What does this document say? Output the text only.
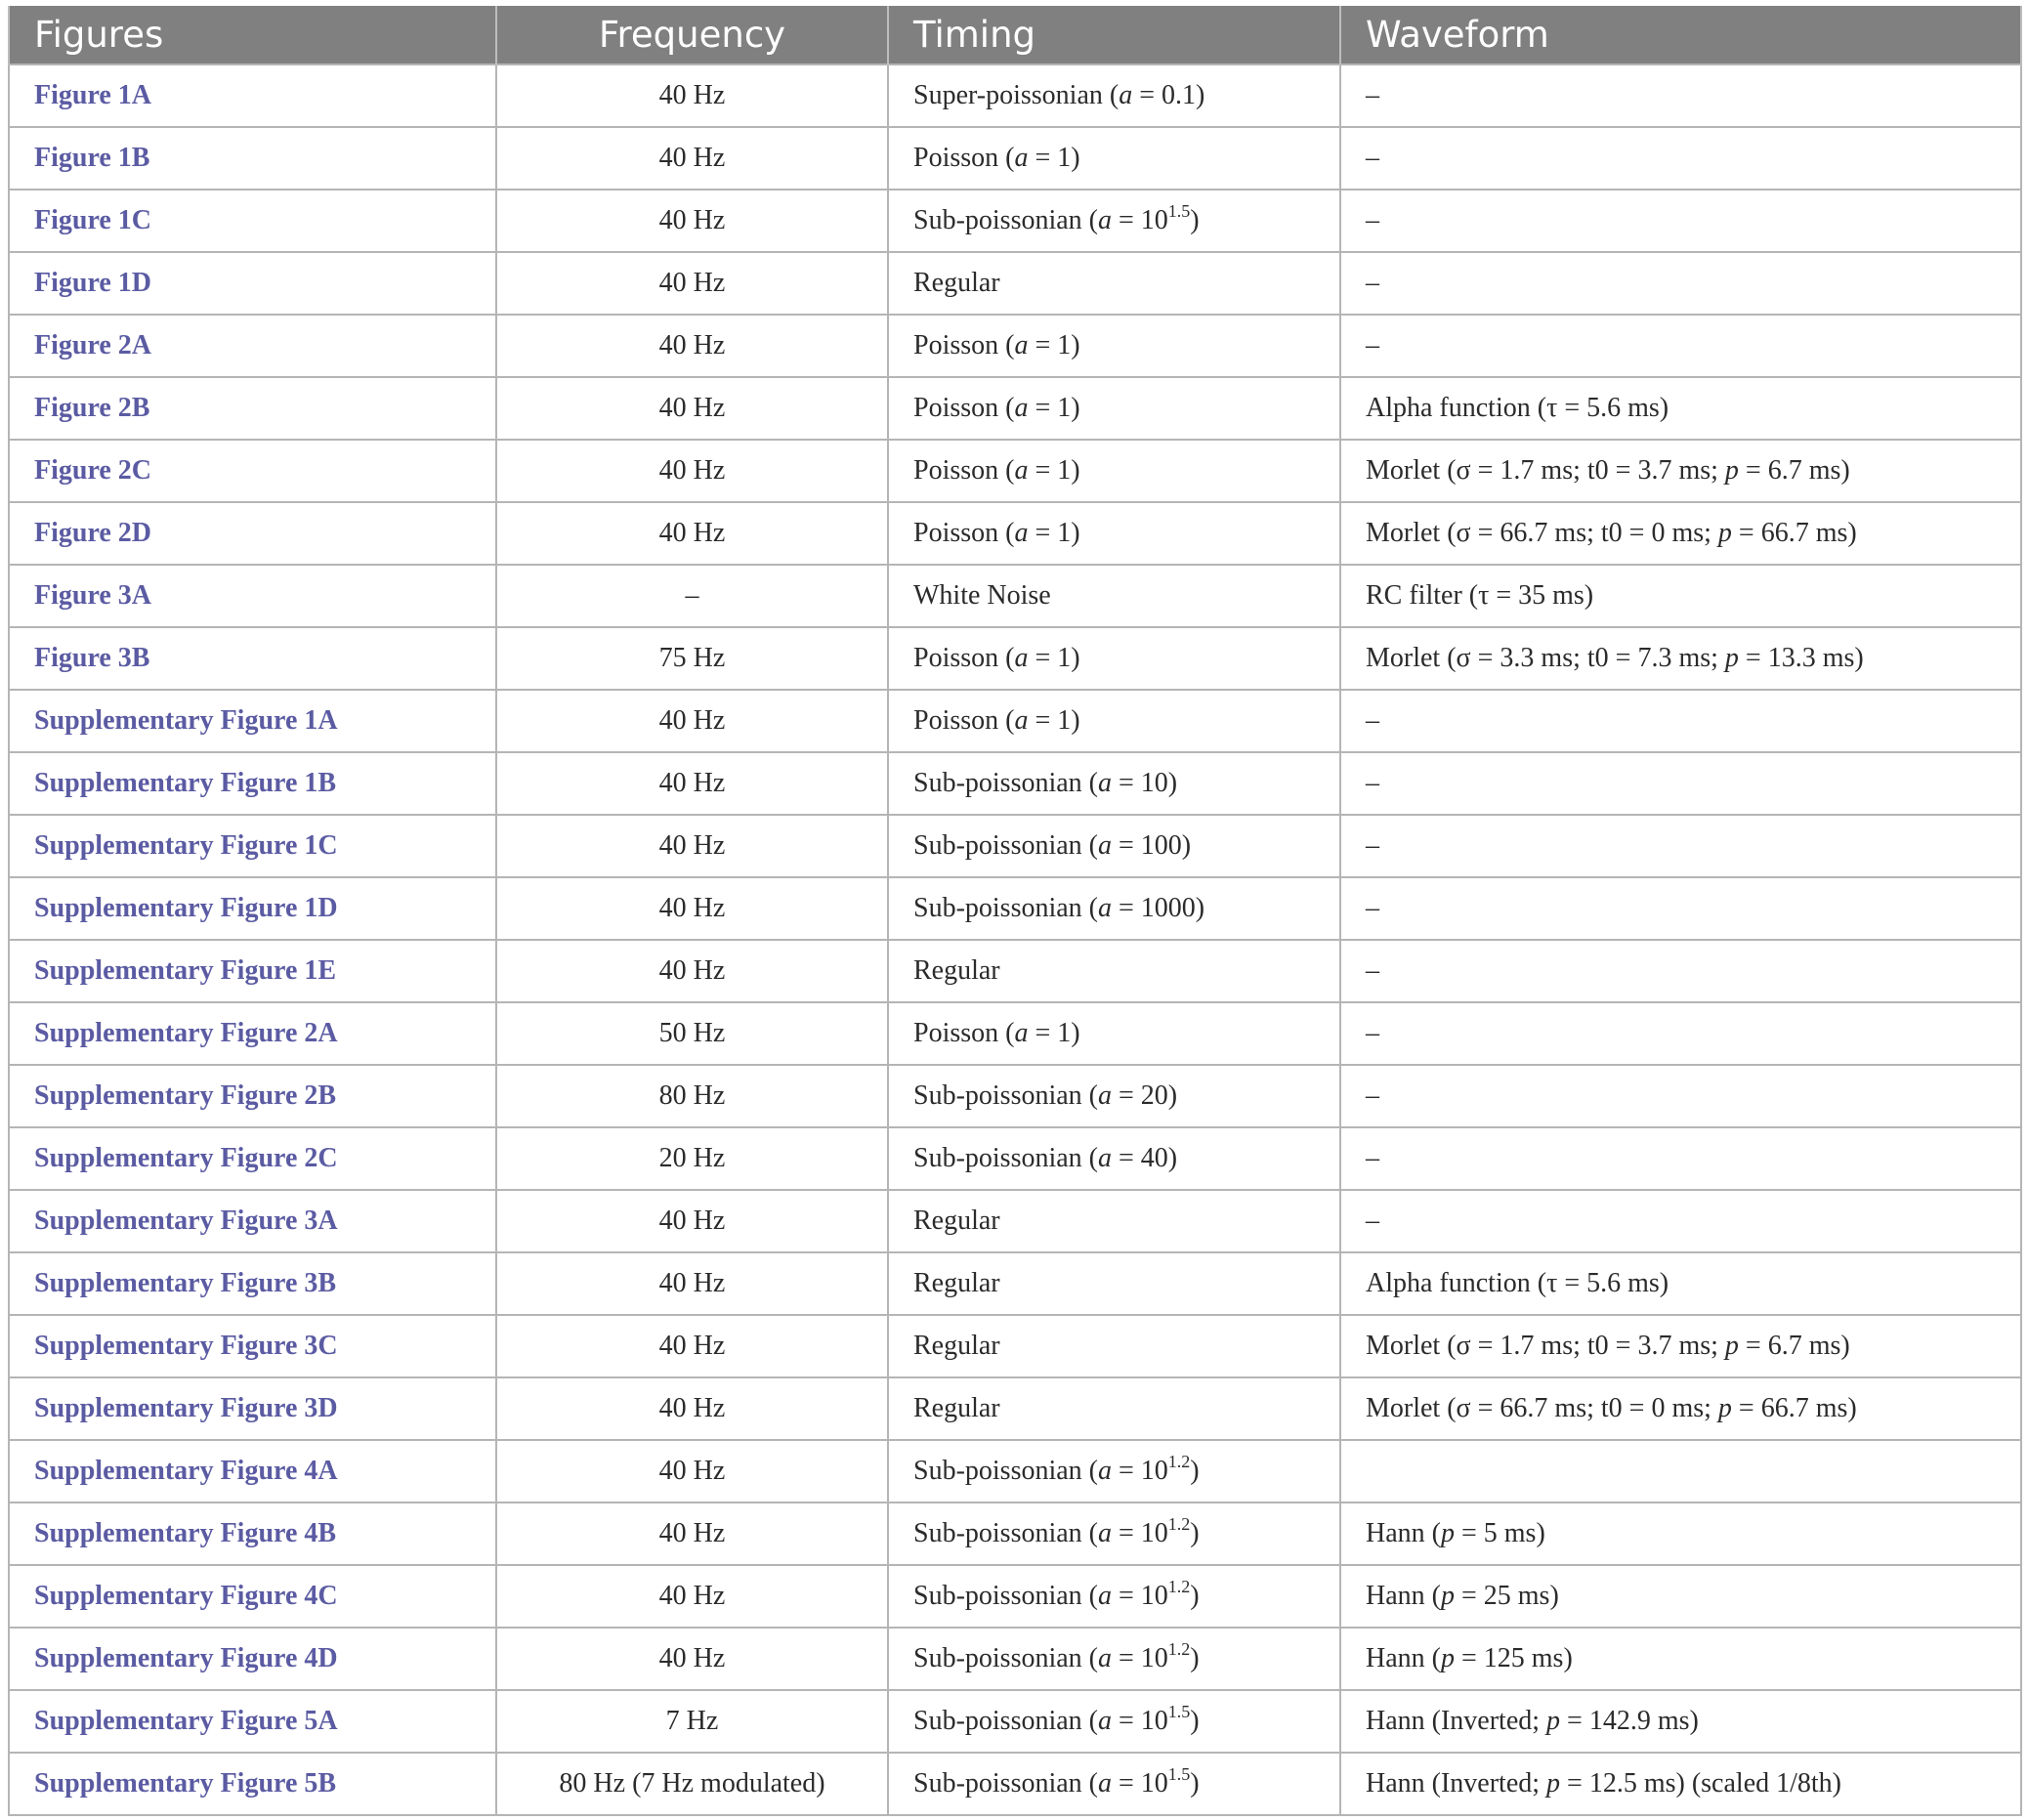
Figures	Frequency	Timing	Waveform
Figure 1A	40 Hz	Super-poissonian (a = 0.1)	–
Figure 1B	40 Hz	Poisson (a = 1)	–
Figure 1C	40 Hz	Sub-poissonian $(a = 10^{1.5})$	–
Figure 1D	40 Hz	Regular	–
Figure 2A	40 Hz	Poisson (a = 1)	–
Figure 2B	40 Hz	Poisson (a = 1)	Alpha function (τ = 5.6 ms)
Figure 2C	40 Hz	Poisson (a = 1)	Morlet (σ = 1.7 ms; t0 = 3.7 ms; p = 6.7 ms)
Figure 2D	40 Hz	Poisson (a = 1)	Morlet (σ = 66.7 ms; t0 = 0 ms; p = 66.7 ms)
Figure 3A	–	White Noise	RC filter (τ = 35 ms)
Figure 3B	75 Hz	Poisson (a = 1)	Morlet (σ = 3.3 ms; t0 = 7.3 ms; p = 13.3 ms)
Supplementary Figure 1A	40 Hz	Poisson (a = 1)	–
Supplementary Figure 1B	40 Hz	Sub-poissonian (a = 10)	–
Supplementary Figure 1C	40 Hz	Sub-poissonian (a = 100)	–
Supplementary Figure 1D	40 Hz	Sub-poissonian (a = 1000)	–
Supplementary Figure 1E	40 Hz	Regular	–
Supplementary Figure 2A	50 Hz	Poisson (a = 1)	–
Supplementary Figure 2B	80 Hz	Sub-poissonian (a = 20)	–
Supplementary Figure 2C	20 Hz	Sub-poissonian (a = 40)	–
Supplementary Figure 3A	40 Hz	Regular	–
Supplementary Figure 3B	40 Hz	Regular	Alpha function (τ = 5.6 ms)
Supplementary Figure 3C	40 Hz	Regular	Morlet (σ = 1.7 ms; t0 = 3.7 ms; p = 6.7 ms)
Supplementary Figure 3D	40 Hz	Regular	Morlet (σ = 66.7 ms; t0 = 0 ms; p = 66.7 ms)
Supplementary Figure 4A	40 Hz	Sub-poissonian $(a = 10^{1.2})$	
Supplementary Figure 4B	40 Hz	Sub-poissonian $(a = 10^{1.2})$	Hann (p = 5 ms)
Supplementary Figure 4C	40 Hz	Sub-poissonian $(a = 10^{1.2})$	Hann (p = 25 ms)
Supplementary Figure 4D	40 Hz	Sub-poissonian $(a = 10^{1.2})$	Hann (p = 125 ms)
Supplementary Figure 5A	7 Hz	Sub-poissonian $(a = 10^{1.5})$	Hann (Inverted; p = 142.9 ms)
Supplementary Figure 5B	80 Hz (7 Hz modulated)	Sub-poissonian $(a = 10^{1.5})$	Hann (Inverted; p = 12.5 ms) (scaled 1/8th)
